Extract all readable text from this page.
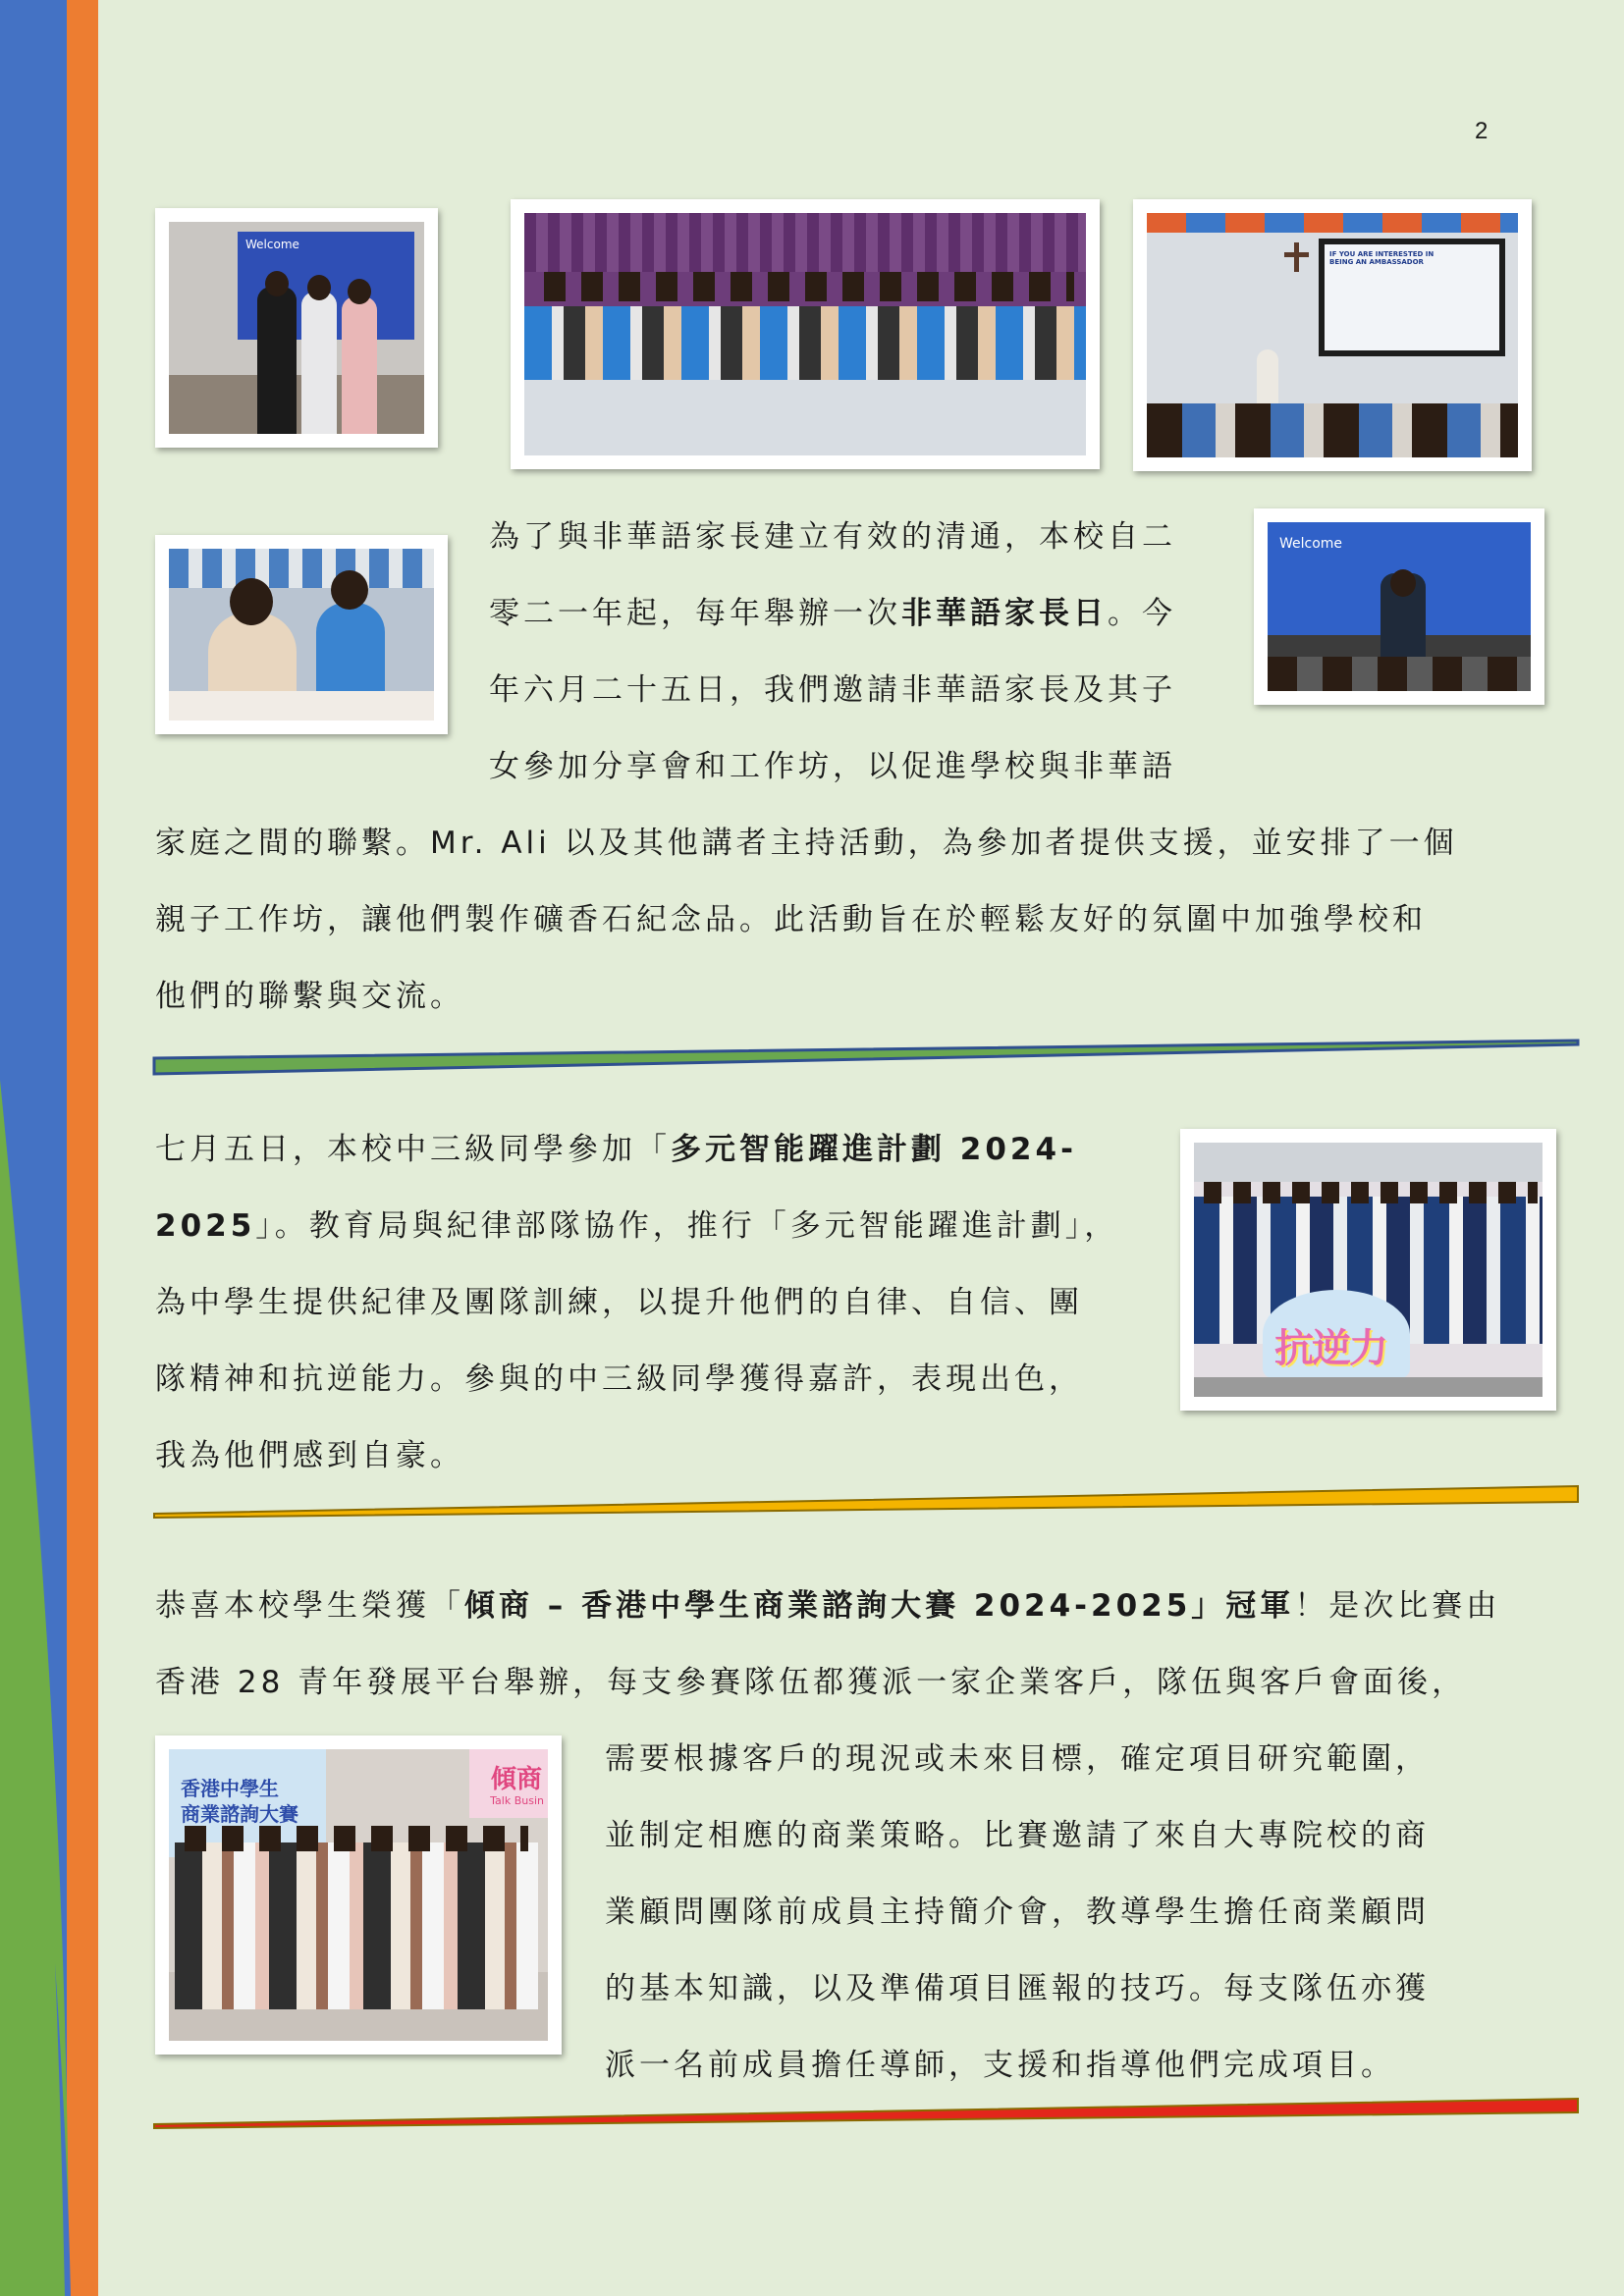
2
Welcome
IF YOU ARE INTERESTED IN BEING AN AMBASSADOR
Welcome

為了與非華語家長建立有效的清通，本校自二

零二一年起，每年舉辦一次非華語家長日。今

年六月二十五日，我們邀請非華語家長及其子

女參加分享會和工作坊，以促進學校與非華語

家庭之間的聯繫。Mr. Ali 以及其他講者主持活動，為參加者提供支援，並安排了一個

親子工作坊，讓他們製作礦香石紀念品。此活動旨在於輕鬆友好的氛圍中加強學校和

他們的聯繫與交流。

七月五日，本校中三級同學參加「多元智能躍進計劃 2024-

2025」。教育局與紀律部隊協作，推行「多元智能躍進計劃」，

為中學生提供紀律及團隊訓練，以提升他們的自律、自信、團

隊精神和抗逆能力。參與的中三級同學獲得嘉許，表現出色，

我為他們感到自豪。

抗逆力

恭喜本校學生榮獲「傾商 – 香港中學生商業諮詢大賽 2024-2025」冠軍！是次比賽由

香港 28 青年發展平台舉辦，每支參賽隊伍都獲派一家企業客戶，隊伍與客戶會面後，

香港中學生
商業諮詢大賽
傾商
Talk Busin

需要根據客戶的現況或未來目標，確定項目研究範圍，

並制定相應的商業策略。比賽邀請了來自大專院校的商

業顧問團隊前成員主持簡介會，教導學生擔任商業顧問

的基本知識，以及準備項目匯報的技巧。每支隊伍亦獲

派一名前成員擔任導師，支援和指導他們完成項目。
